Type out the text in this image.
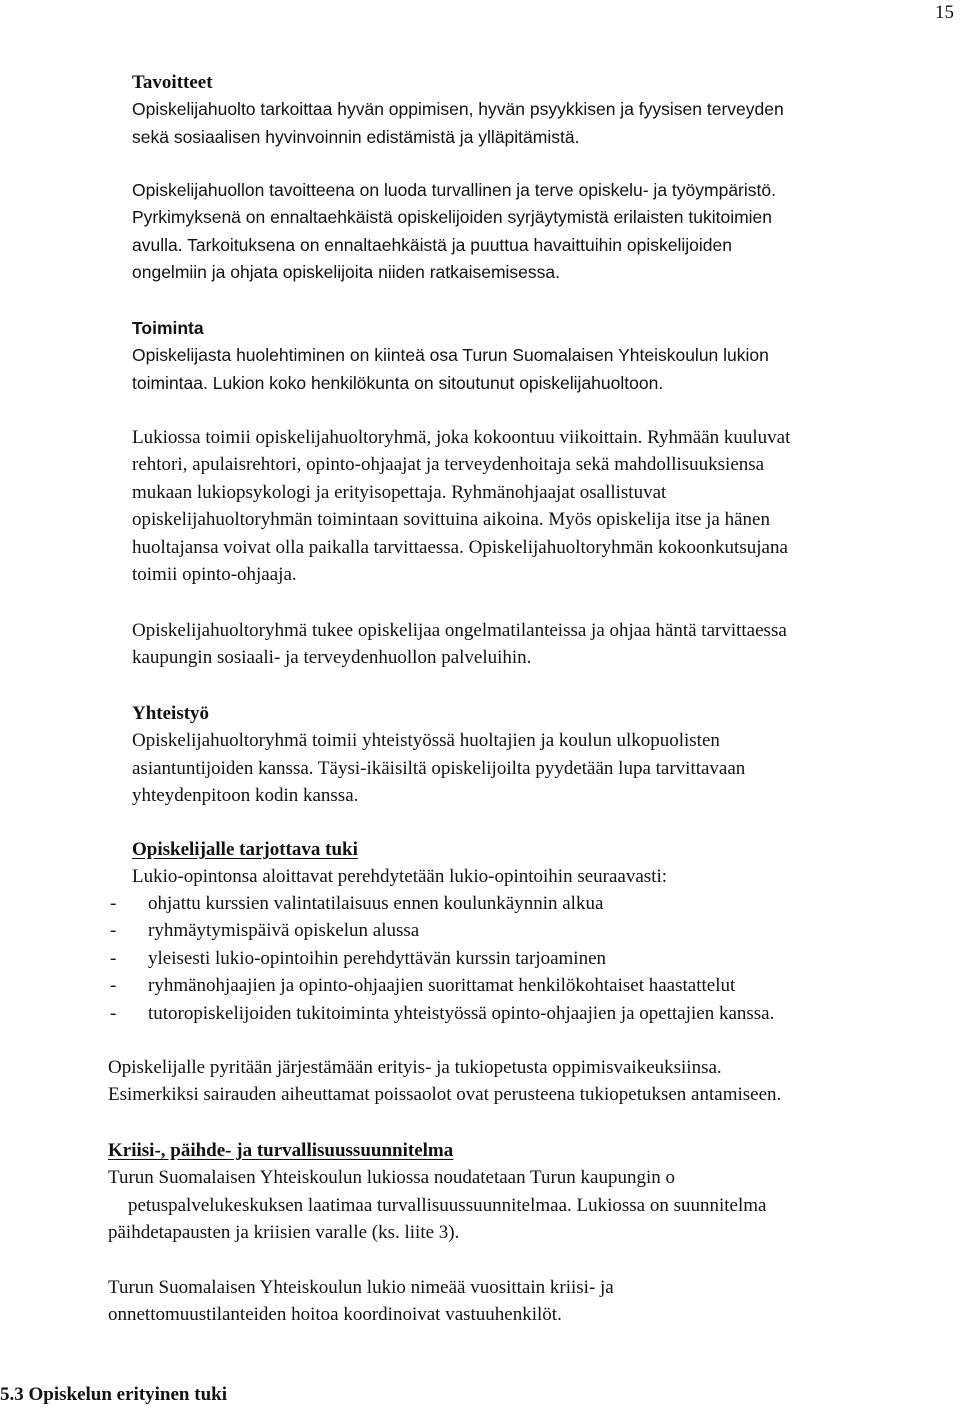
15
Tavoitteet
Opiskelijahuolto tarkoittaa hyvän oppimisen, hyvän psyykkisen ja fyysisen terveyden
sekä sosiaalisen hyvinvoinnin edistämistä ja ylläpitämistä.
Opiskelijahuollon tavoitteena on luoda turvallinen ja terve opiskelu- ja työympäristö.
Pyrkimyksenä on ennaltaehkäistä opiskelijoiden syrjäytymistä erilaisten tukitoimien
avulla. Tarkoituksena on ennaltaehkäistä ja puuttua havaittuihin opiskelijoiden
ongelmiin ja ohjata opiskelijoita niiden ratkaisemisessa.
Toiminta
Opiskelijasta huolehtiminen on kiinteä osa Turun Suomalaisen Yhteiskoulun lukion
toimintaa. Lukion koko henkilökunta on sitoutunut opiskelijahuoltoon.
Lukiossa toimii opiskelijahuoltoryhmä, joka kokoontuu viikoittain. Ryhmään kuuluvat
rehtori, apulaisrehtori, opinto-ohjaajat ja terveydenhoitaja sekä mahdollisuuksiensa
mukaan lukiopsykologi ja erityisopettaja. Ryhmänohjaajat osallistuvat
opiskelijahuoltoryhmän toimintaan sovittuina aikoina. Myös opiskelija itse ja hänen
huoltajansa voivat olla paikalla tarvittaessa. Opiskelijahuoltoryhmän kokoonkutsujana
toimii opinto-ohjaaja.
Opiskelijahuoltoryhmä tukee opiskelijaa ongelmatilanteissa ja ohjaa häntä tarvittaessa
kaupungin sosiaali- ja terveydenhuollon palveluihin.
Yhteistyö
Opiskelijahuoltoryhmä toimii yhteistyössä huoltajien ja koulun ulkopuolisten
asiantuntijoiden kanssa. Täysi-ikäisiltä opiskelijoilta pyydetään lupa tarvittavaan
yhteydenpitoon kodin kanssa.
Opiskelijalle tarjottava tuki
Lukio-opintonsa aloittavat perehdytetään lukio-opintoihin seuraavasti:
- ohjattu kurssien valintatilaisuus ennen koulunkäynnin alkua
- ryhmäytymispäivä opiskelun alussa
- yleisesti lukio-opintoihin perehdyttävän kurssin tarjoaminen
- ryhmänohjaajien ja opinto-ohjaajien suorittamat henkilökohtaiset haastattelut
- tutoropiskelijoiden tukitoiminta yhteistyössä opinto-ohjaajien ja opettajien kanssa.
Opiskelijalle pyritään järjestämään erityis- ja tukiopetusta oppimisvaikeuksiinsa.
Esimerkiksi sairauden aiheuttamat poissaolot ovat perusteena tukiopetuksen antamiseen.
Kriisi-, päihde- ja turvallisuussuunnitelma
Turun Suomalaisen Yhteiskoulun lukiossa noudatetaan Turun kaupungin o
petuspalvelukeskuksen laatimaa turvallisuussuunnitelmaa. Lukiossa on suunnitelma
päihdetapausten ja kriisien varalle (ks. liite 3).
Turun Suomalaisen Yhteiskoulun lukio nimeää vuosittain kriisi- ja
onnettomuustilanteiden hoitoa koordinoivat vastuuhenkilöt.
5.3 Opiskelun erityinen tuki
